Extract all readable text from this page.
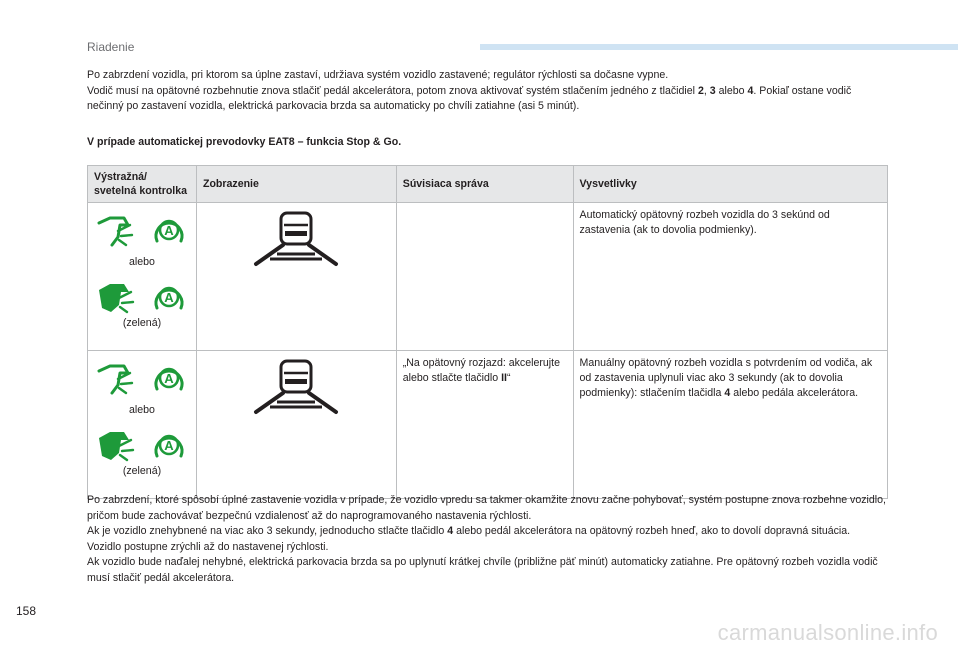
Riadenie
Po zabrzdení vozidla, pri ktorom sa úplne zastaví, udržiava systém vozidlo zastavené; regulátor rýchlosti sa dočasne vypne.
Vodič musí na opätovné rozbehnutie znova stlačiť pedál akcelerátora, potom znova aktivovať systém stlačením jedného z tlačidiel 2, 3 alebo 4. Pokiaľ ostane vodič nečinný po zastavení vozidla, elektrická parkovacia brzda sa automaticky po chvíli zatiahne (asi 5 minút).
V prípade automatickej prevodovky EAT8 – funkcia Stop & Go.
Výstražná/ svetelná kontrolka	Zobrazenie	Súvisiaca správa	Vysvetlivky

A
alebo
A
(zelená)			Automatický opätovný rozbeh vozidla do 3 sekúnd od zastavenia (ak to dovolia podmienky).

A
alebo
A
(zelená)		„Na opätovný rozjazd: akcelerujte alebo stlačte tlačidlo II“	Manuálny opätovný rozbeh vozidla s potvrdením od vodiča, ak od zastavenia uplynuli viac ako 3 sekundy (ak to dovolia podmienky): stlačením tlačidla 4 alebo pedála akcelerátora.
Po zabrzdení, ktoré spôsobí úplné zastavenie vozidla v prípade, že vozidlo vpredu sa takmer okamžite znovu začne pohybovať, systém postupne znova rozbehne vozidlo, pričom bude zachovávať bezpečnú vzdialenosť až do naprogramovaného nastavenia rýchlosti.
Ak je vozidlo znehybnené na viac ako 3 sekundy, jednoducho stlačte tlačidlo 4 alebo pedál akcelerátora na opätovný rozbeh hneď, ako to dovolí dopravná situácia. Vozidlo postupne zrýchli až do nastavenej rýchlosti.
Ak vozidlo bude naďalej nehybné, elektrická parkovacia brzda sa po uplynutí krátkej chvíle (približne päť minút) automaticky zatiahne. Pre opätovný rozbeh vozidla vodič musí stlačiť pedál akcelerátora.
158
carmanualsonline.info
